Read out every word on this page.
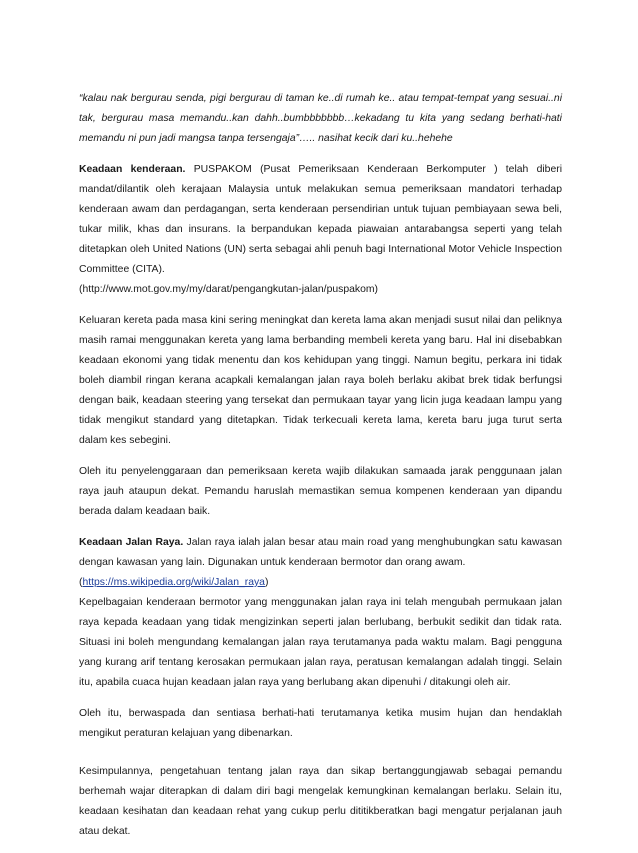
“kalau nak bergurau senda, pigi bergurau di taman ke..di rumah ke.. atau tempat-tempat yang sesuai..ni tak, bergurau masa memandu..kan dahh..bumbbbbbbb…kekadang tu kita yang sedang berhati-hati memandu ni pun jadi mangsa tanpa tersengaja”….. nasihat kecik dari ku..hehehe

Keadaan kenderaan. PUSPAKOM (Pusat Pemeriksaan Kenderaan Berkomputer ) telah diberi mandat/dilantik oleh kerajaan Malaysia untuk melakukan semua pemeriksaan mandatori terhadap kenderaan awam dan perdagangan, serta kenderaan persendirian untuk tujuan pembiayaan sewa beli, tukar milik, khas dan insurans. Ia berpandukan kepada piawaian antarabangsa seperti yang telah ditetapkan oleh United Nations (UN) serta sebagai ahli penuh bagi International Motor Vehicle Inspection Committee (CITA).
(http://www.mot.gov.my/my/darat/pengangkutan-jalan/puspakom)

Keluaran kereta pada masa kini sering meningkat dan kereta lama akan menjadi susut nilai dan peliknya masih ramai menggunakan kereta yang lama berbanding membeli kereta yang baru. Hal ini disebabkan keadaan ekonomi yang tidak menentu dan kos kehidupan yang tinggi. Namun begitu, perkara ini tidak boleh diambil ringan kerana acapkali kemalangan jalan raya boleh berlaku akibat brek tidak berfungsi dengan baik, keadaan steering yang tersekat dan permukaan tayar yang licin juga keadaan lampu yang tidak mengikut standard yang ditetapkan. Tidak terkecuali kereta lama, kereta baru juga turut serta dalam kes sebegini.

Oleh itu penyelenggaraan dan pemeriksaan kereta wajib dilakukan samaada jarak penggunaan jalan raya jauh ataupun dekat. Pemandu haruslah memastikan semua kompenen kenderaan yan dipandu berada dalam keadaan baik.

Keadaan Jalan Raya. Jalan raya ialah jalan besar atau main road yang menghubungkan satu kawasan dengan kawasan yang lain. Digunakan untuk kenderaan bermotor dan orang awam.
(https://ms.wikipedia.org/wiki/Jalan_raya)
Kepelbagaian kenderaan bermotor yang menggunakan jalan raya ini telah mengubah permukaan jalan raya kepada keadaan yang tidak mengizinkan seperti jalan berlubang, berbukit sedikit dan tidak rata. Situasi ini boleh mengundang kemalangan jalan raya terutamanya pada waktu malam. Bagi pengguna yang kurang arif tentang kerosakan permukaan jalan raya, peratusan kemalangan adalah tinggi. Selain itu, apabila cuaca hujan keadaan jalan raya yang berlubang akan dipenuhi / ditakungi oleh air.

Oleh itu, berwaspada dan sentiasa berhati-hati terutamanya ketika musim hujan dan hendaklah mengikut peraturan kelajuan yang dibenarkan.

Kesimpulannya, pengetahuan tentang jalan raya dan sikap bertanggungjawab sebagai pemandu berhemah wajar diterapkan di dalam diri bagi mengelak kemungkinan kemalangan berlaku. Selain itu, keadaan kesihatan dan keadaan rehat yang cukup perlu dititikberatkan bagi mengatur perjalanan jauh atau dekat.
